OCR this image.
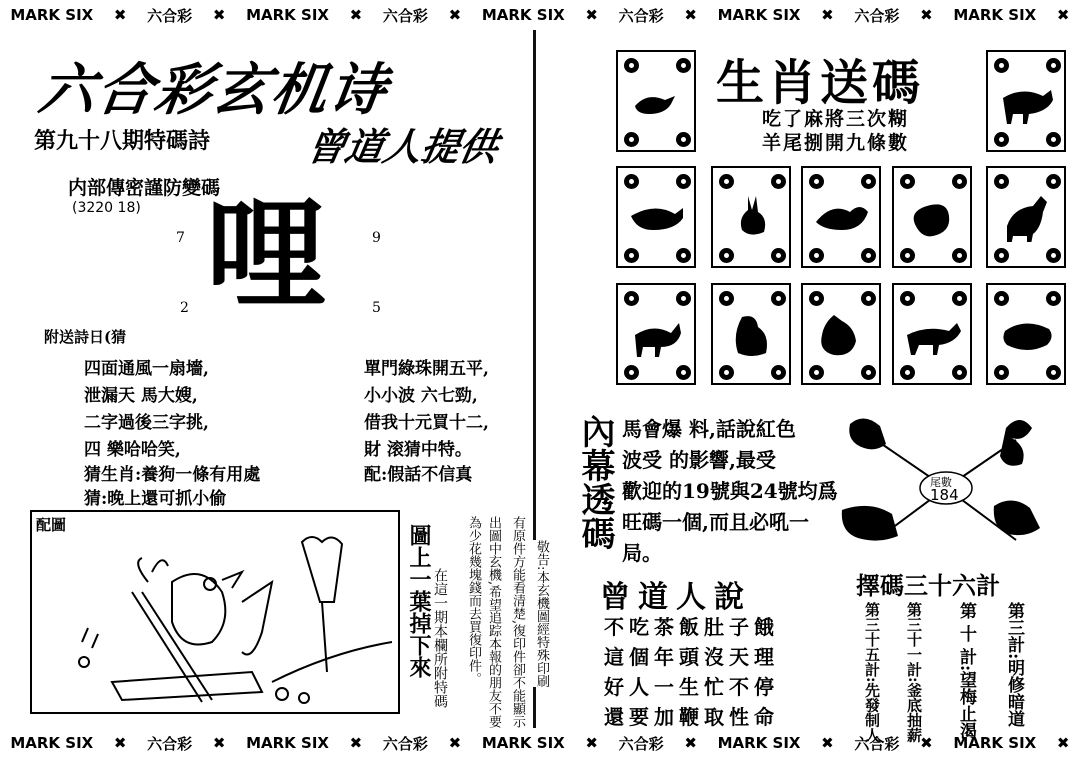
MARK SIX ✖ 六合彩 ✖ MARK SIX ✖ 六合彩 ✖ MARK SIX ✖ 六合彩 ✖ MARK SIX ✖ 六合彩 ✖ MARK SIX ✖
MARK SIX ✖ 六合彩 ✖ MARK SIX ✖ 六合彩 ✖ MARK SIX ✖ 六合彩 ✖ MARK SIX ✖ 六合彩 ✖ MARK SIX ✖
六合彩玄机诗
第九十八期特碼詩 曾道人提供
内部傳密謹防變碼
(3220 18)
7	9
2	5
哩
附送詩日(猜
四面通風一扇墻,
泄漏天 馬大嫂,
二字過後三字挑,
四 樂哈哈笑,
單門綠珠開五平,
小小波 六七勁,
借我十元買十二,
財 滚猜中特。
猜生肖:養狗一條有用處	配:假話不信真
猜:晚上還可抓小偷
配圖	圖上一葉掉下來 在這一期本欄所附特碼 為少花幾塊錢而去買復印件。 出圖中玄機,希望追踪本報的朋友不要 有原件方能看清楚,復印件卻不能顯示 敬告:本玄機圖經特殊印刷
生肖送碼
吃了麻將三次糊
羊尾捌開九條數
內幕透碼 馬會爆 料,話說紅色
波受 的影響,最受
歡迎的19號與24號均爲
旺碼一個,而且必吼一
局。
尾數
184
曾道人說
不吃茶飯肚子餓
這個年頭沒天理
好人一生忙不停
還要加鞭取性命
擇碼三十六計
第三計:明修暗道
第 十 計:望梅止渴
第三十一計:釜底抽薪
第三十五計:先發制人
